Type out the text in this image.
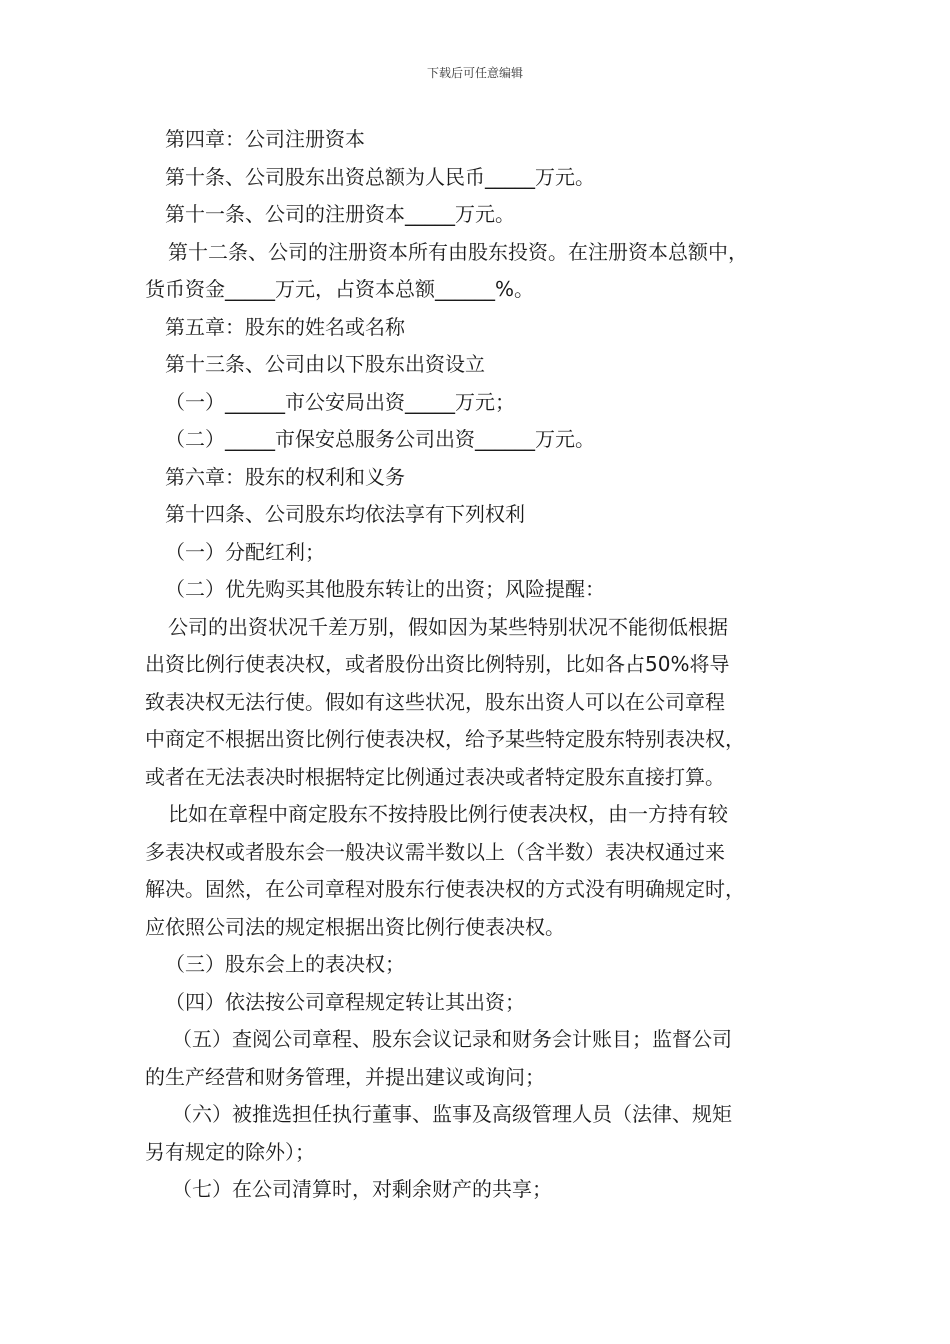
下载后可任意编辑
第四章：公司注册资本
第十条、公司股东出资总额为人民币_____万元。
第十一条、公司的注册资本_____万元。
第十二条、公司的注册资本所有由股东投资。在注册资本总额中，
货币资金_____万元，占资本总额______%。
第五章：股东的姓名或名称
第十三条、公司由以下股东出资设立
（一）______市公安局出资_____万元；
（二）_____市保安总服务公司出资______万元。
第六章：股东的权利和义务
第十四条、公司股东均依法享有下列权利
（一）分配红利；
（二）优先购买其他股东转让的出资；风险提醒：
公司的出资状况千差万别，假如因为某些特别状况不能彻低根据
出资比例行使表决权，或者股份出资比例特别，比如各占50%将导
致表决权无法行使。假如有这些状况，股东出资人可以在公司章程
中商定不根据出资比例行使表决权，给予某些特定股东特别表决权，
或者在无法表决时根据特定比例通过表决或者特定股东直接打算。
比如在章程中商定股东不按持股比例行使表决权，由一方持有较
多表决权或者股东会一般决议需半数以上（含半数）表决权通过来
解决。固然，在公司章程对股东行使表决权的方式没有明确规定时，
应依照公司法的规定根据出资比例行使表决权。
（三）股东会上的表决权；
（四）依法按公司章程规定转让其出资；
（五）查阅公司章程、股东会议记录和财务会计账目；监督公司
的生产经营和财务管理，并提出建议或询问；
（六）被推选担任执行董事、监事及高级管理人员（法律、规矩
另有规定的除外）；
（七）在公司清算时，对剩余财产的共享；
